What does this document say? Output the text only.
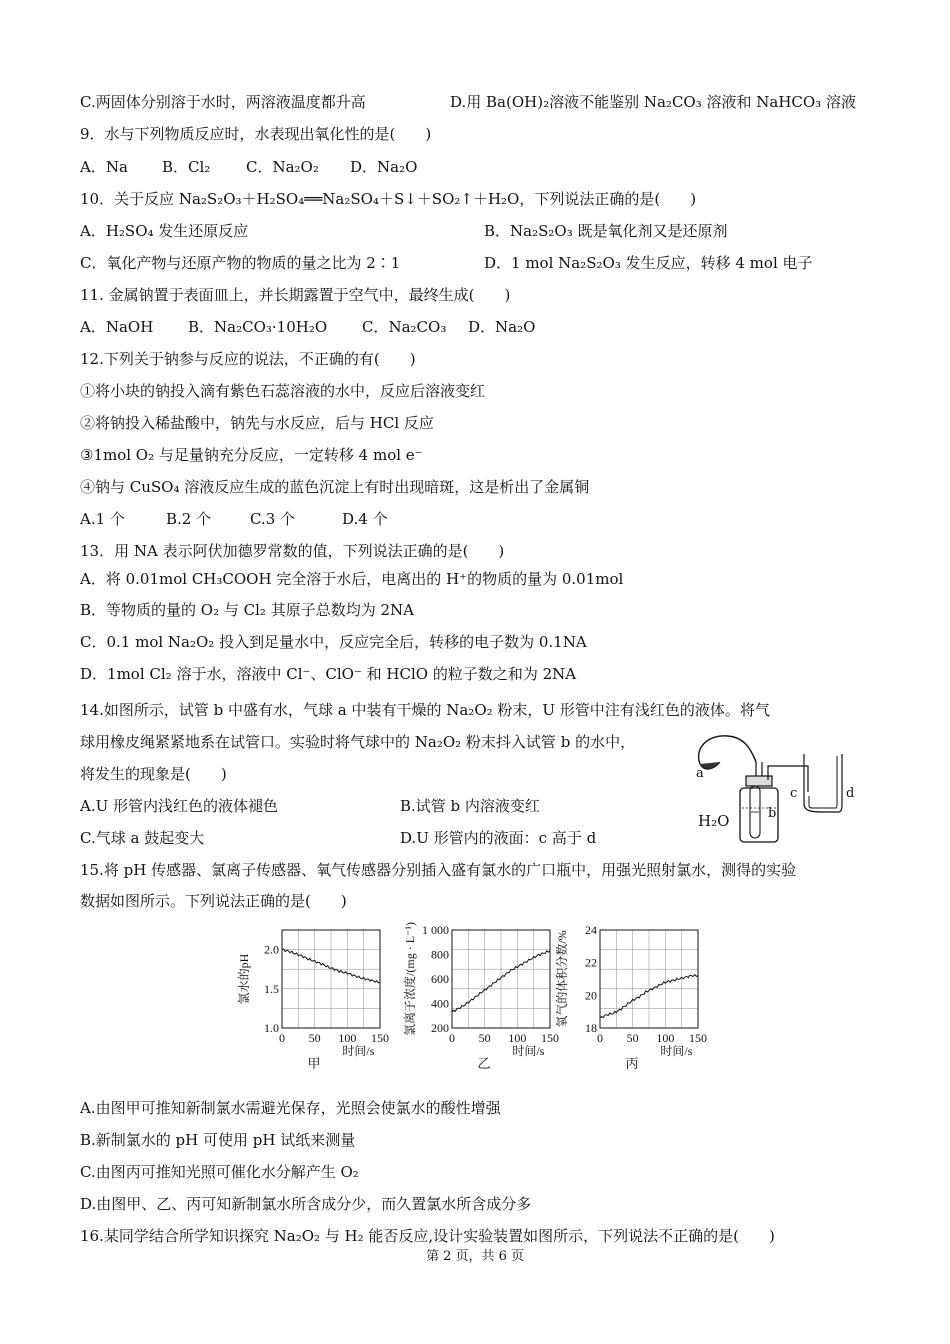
C.两固体分别溶于水时，两溶液温度都升高	D.用 Ba(OH)₂溶液不能鉴别 Na₂CO₃ 溶液和 NaHCO₃ 溶液
9．水与下列物质反应时，水表现出氧化性的是(　　)
A．Na B．Cl₂ C．Na₂O₂ D．Na₂O
10．关于反应 Na₂S₂O₃＋H₂SO₄══Na₂SO₄＋S↓＋SO₂↑＋H₂O，下列说法正确的是(　　)
A．H₂SO₄ 发生还原反应	B．Na₂S₂O₃ 既是氧化剂又是还原剂
C．氧化产物与还原产物的物质的量之比为 2∶1	D．1 mol Na₂S₂O₃ 发生反应，转移 4 mol 电子
11. 金属钠置于表面皿上，并长期露置于空气中，最终生成(　　)
A．NaOH B．Na₂CO₃·10H₂O C．Na₂CO₃ D．Na₂O
12.下列关于钠参与反应的说法，不正确的有(　　)
①将小块的钠投入滴有紫色石蕊溶液的水中，反应后溶液变红
②将钠投入稀盐酸中，钠先与水反应，后与 HCl 反应
③1mol O₂ 与足量钠充分反应，一定转移 4 mol e⁻
④钠与 CuSO₄ 溶液反应生成的蓝色沉淀上有时出现暗斑，这是析出了金属铜
A.1 个	B.2 个	C.3 个	D.4 个
13．用 NA 表示阿伏加德罗常数的值，下列说法正确的是(　　)
A．将 0.01mol CH₃COOH 完全溶于水后，电离出的 H⁺的物质的量为 0.01mol
B．等物质的量的 O₂ 与 Cl₂ 其原子总数均为 2NA
C．0.1 mol Na₂O₂ 投入到足量水中，反应完全后，转移的电子数为 0.1NA
D．1mol Cl₂ 溶于水，溶液中 Cl⁻、ClO⁻ 和 HClO 的粒子数之和为 2NA
14.如图所示，试管 b 中盛有水，气球 a 中装有干燥的 Na₂O₂ 粉末，U 形管中注有浅红色的液体。将气
球用橡皮绳紧紧地系在试管口。实验时将气球中的 Na₂O₂ 粉末抖入试管 b 的水中，
将发生的现象是(　　)
A.U 形管内浅红色的液体褪色	B.试管 b 内溶液变红
C.气球 a 鼓起变大	D.U 形管内的液面：c 高于 d
a
b
c	d
H₂O
15.将 pH 传感器、氯离子传感器、氧气传感器分别插入盛有氯水的广口瓶中，用强光照射氯水，测得的实验
数据如图所示。下列说法正确的是(　　)
0 50 100 150
1.0
1.5
2.0
时间/s
氯水的pH
甲
0 50 100 150
200
400
600
800
1 000
时间/s
氯离子浓度/(mg · L⁻¹)
乙
0 50 100 150
18
20
22
24
时间/s
氧气的体积分数/%
丙
A.由图甲可推知新制氯水需避光保存，光照会使氯水的酸性增强
B.新制氯水的 pH 可使用 pH 试纸来测量
C.由图丙可推知光照可催化水分解产生 O₂
D.由图甲、乙、丙可知新制氯水所含成分少，而久置氯水所含成分多
16.某同学结合所学知识探究 Na₂O₂ 与 H₂ 能否反应,设计实验装置如图所示，下列说法不正确的是(　　)
第 2 页，共 6 页
